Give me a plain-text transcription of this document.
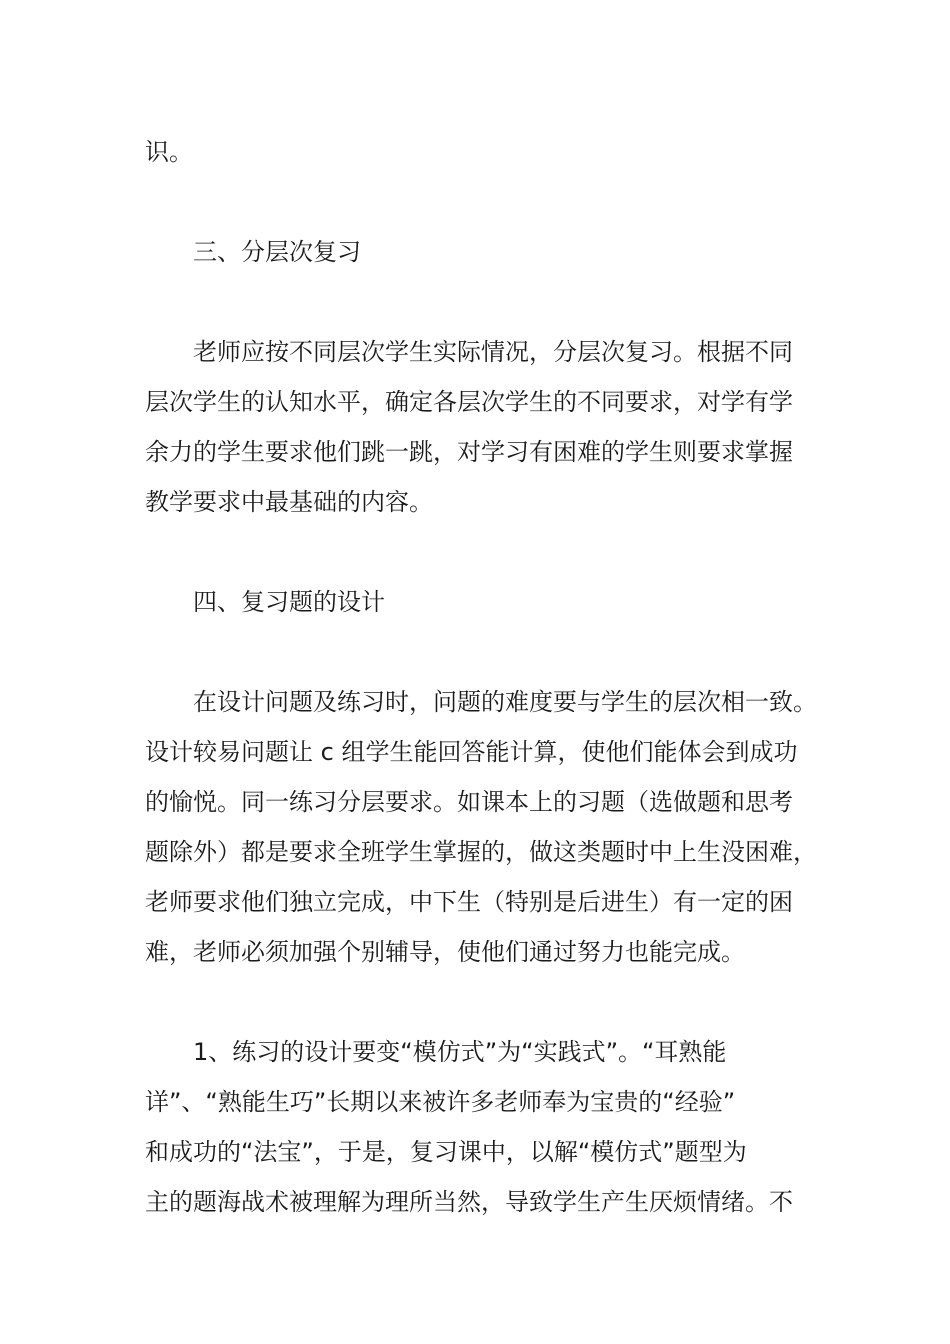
识。
三、分层次复习
老师应按不同层次学生实际情况，分层次复习。根据不同
层次学生的认知水平，确定各层次学生的不同要求，对学有学
余力的学生要求他们跳一跳，对学习有困难的学生则要求掌握
教学要求中最基础的内容。
四、复习题的设计
在设计问题及练习时，问题的难度要与学生的层次相一致。
设计较易问题让 c 组学生能回答能计算，使他们能体会到成功
的愉悦。同一练习分层要求。如课本上的习题（选做题和思考
题除外）都是要求全班学生掌握的，做这类题时中上生没困难，
老师要求他们独立完成，中下生（特别是后进生）有一定的困
难，老师必须加强个别辅导，使他们通过努力也能完成。
1、练习的设计要变“模仿式”为“实践式”。“耳熟能
详”、“熟能生巧”长期以来被许多老师奉为宝贵的“经验”
和成功的“法宝”，于是，复习课中，以解“模仿式”题型为
主的题海战术被理解为理所当然，导致学生产生厌烦情绪。不
